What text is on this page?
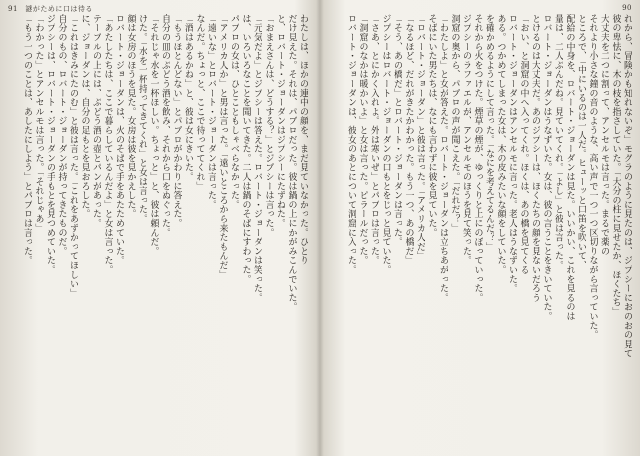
91　謎がために口は待る	90
わたしは、ほかの連中の顔を、まだ見ていなかった。ひとり
だけ見えた。それは、パブロだった。彼は鍋の上にかがみこんでいた。
と、ロバート・ジョーダンはジプシーにたずねた。
「おまえさんは、どうする？」とジプシーは言った。
「元気だよ」とジプシーは答えた。ロバート・ジョーダンは笑った。
は、いろいろなことを聞いてきた。二人は鍋のそばにすわった。
パブロの女は、ひとこともしゃべらなかった。
「アメリカ人か」と男は言った。「遠いところから来たもんだ」
「遠いな」とロバート・ジョーダンは言った。
なんだ。ちょっと、ここで待っててくれ」
「酒はあるかね」と、彼は女にきいた。
「もうほとんどない」とパブロがかわりに答えた。
自分の皿のぶどう酒を飲み、それから口をぬぐった。
「それじゃ水を一杯ほしい。ちょっと」と、彼は頼んだ。
けた。「水を一杯持ってきてくれ」と女は言った。
顔は女房のほうを見た。女房は彼を見かえした。
ロバート・ジョーダンは、火のそばで手をあたためていた。
「あたしたちは、ここで暮らしているんだよ」と女は言った。
テーブルの上には、ぶどう酒の壺とパンがあった。
に、ジョーダンは、自分の足もとを見おろした。
「これはきみにたのむ」と彼は言った。「これをあずかってほしい」
自分のもの、ロバート・ジョーダンが持ってきたものだ。
ジプシーは、ロバート・ジョーダンの手もとを見つめていた。
「わかった」とアンセルモは言った。「それじゃあ」
「もう一つのことは、あしたにしよう」とパブロは言った。	れから、冒険かも知れないぞ」モグラのように見たのは、ジプシーにおのおの見て
彼の卑怯に、木の枝を指さしていた。「大分の柱に見せたか、ほくたち」
大丈夫を二つに割って、アンセルモは言った。まるで薬の
それより小さな鐘の音のような、高い声で一つ一つ区切りながら言っていた。
ところで、「中にいるのは一人だ。ヒューッと口笛を吹いて、
配給の中身を、ロバート・ジョーダンは見た。いいかい、これを見るのは
量は、二人ぶんだね。見ていてくれ。「よし」と彼は言った。
ロバート・ジョーダンはうなずいた。女は、彼の言うことをきいていた。
とけるのは大丈夫だ。あのジプシーは、ほくたちの顔を見ないだろう
「おい、と洞窟の中へ入ってくれ。ほくは、あの橋を見てくる
ロバート・ジョーダンはアンセルモに言った。老人はうなずいた。
ある。つかめてしまった女は、木の皮みたいな顔をしていた。
を確かめるようにして言った。「なにを考えてるんだ？」
それから火をつけた。煙草の煙が、ゆっくりと上にのぼっていった。
ジプシーのラファエルが、アンセルモのほうを見て笑った。
洞窟の奥から、パブロの声が聞こえた。「だれだ？」
「わたしよ」と女が答えた。ロバート・ジョーダンは立ちあがった。
そばにいた男たちは、なにも言わずに彼を見ていた。
「ロバート・ジョーダン」と彼は言った。「アメリカ人だ」
「なるほど、だれがきたかわかった。もう一つ、あの橋だ」
「そう、あの橋だ」とロバート・ジョーダンは言った。
ジプシーはロバート・ジョーダンの口もとをじっと見ていた。
「さあ、とにかく入れよ。外は寒いぜ」とパブロは言った。
「洞窟のなかは暖かいよ」と女は言った。ピラールだった。
ロバート・ジョーダンは、彼女のあとについて洞窟に入った。
